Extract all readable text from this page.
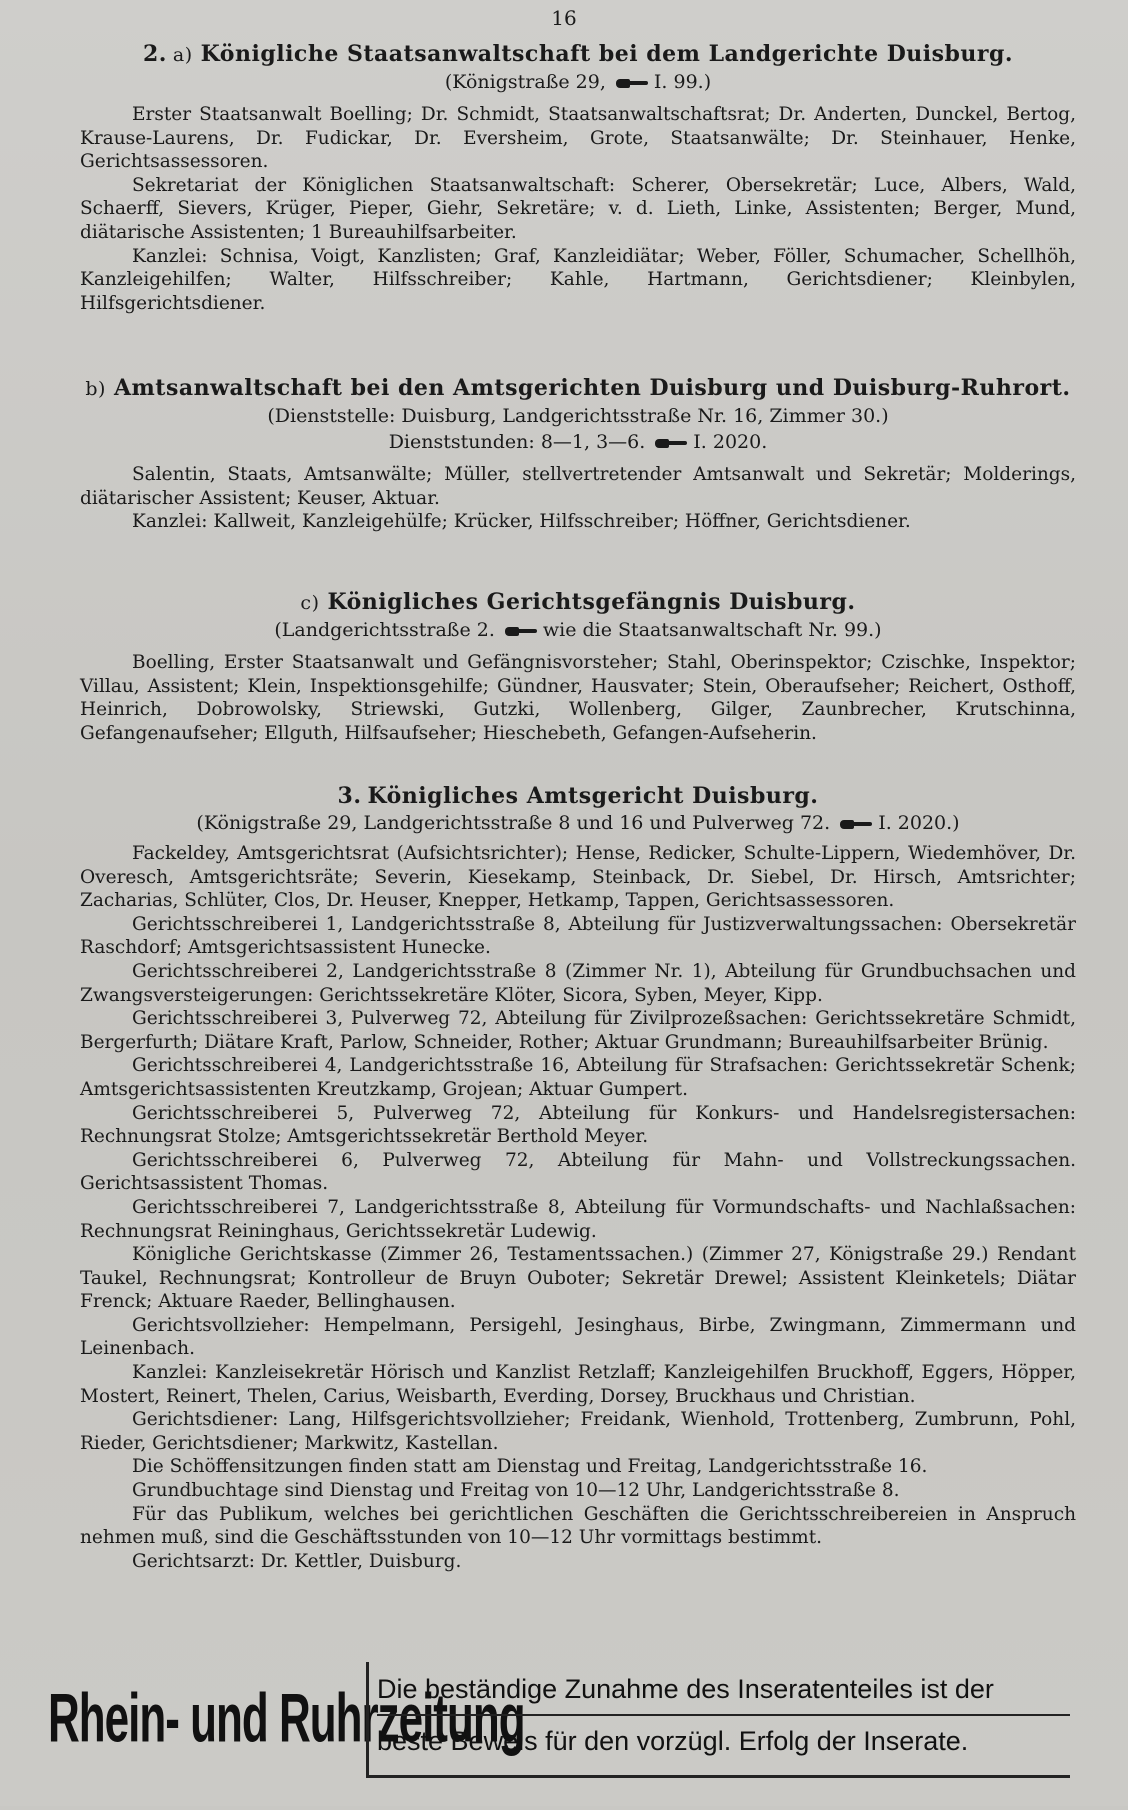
16
2. a) Königliche Staatsanwaltschaft bei dem Landgerichte Duisburg.
(Königstraße 29,	I. 99.)

Erster Staatsanwalt Boelling; Dr. Schmidt, Staatsanwaltschaftsrat; Dr. Anderten, Dunckel, Bertog, Krause-Laurens, Dr. Fudickar, Dr. Eversheim, Grote, Staatsanwälte; Dr. Steinhauer, Henke, Gerichtsassessoren.

Sekretariat der Königlichen Staatsanwaltschaft: Scherer, Obersekretär; Luce, Albers, Wald, Schaerff, Sievers, Krüger, Pieper, Giehr, Sekretäre; v. d. Lieth, Linke, Assistenten; Berger, Mund, diätarische Assistenten; 1 Bureauhilfsarbeiter.

Kanzlei: Schnisa, Voigt, Kanzlisten; Graf, Kanzleidiätar; Weber, Föller, Schumacher, Schellhöh, Kanzleigehilfen; Walter, Hilfsschreiber; Kahle, Hartmann, Gerichtsdiener; Kleinbylen, Hilfsgerichtsdiener.

b) Amtsanwaltschaft bei den Amtsgerichten Duisburg und Duisburg-Ruhrort.
(Dienststelle: Duisburg, Landgerichtsstraße Nr. 16, Zimmer 30.)
Dienststunden: 8—1, 3—6.	I. 2020.

Salentin, Staats, Amtsanwälte; Müller, stellvertretender Amtsanwalt und Sekretär; Molderings, diätarischer Assistent; Keuser, Aktuar.

Kanzlei: Kallweit, Kanzleigehülfe; Krücker, Hilfsschreiber; Höffner, Gerichtsdiener.

c) Königliches Gerichtsgefängnis Duisburg.
(Landgerichtsstraße 2.	wie die Staatsanwaltschaft Nr. 99.)

Boelling, Erster Staatsanwalt und Gefängnisvorsteher; Stahl, Oberinspektor; Czischke, Inspektor; Villau, Assistent; Klein, Inspektionsgehilfe; Gündner, Hausvater; Stein, Oberaufseher; Reichert, Osthoff, Heinrich, Dobrowolsky, Striewski, Gutzki, Wollenberg, Gilger, Zaunbrecher, Krutschinna, Gefangenaufseher; Ellguth, Hilfsaufseher; Hieschebeth, Gefangen-Aufseherin.

3. Königliches Amtsgericht Duisburg.
(Königstraße 29, Landgerichtsstraße 8 und 16 und Pulverweg 72.	I. 2020.)

Fackeldey, Amtsgerichtsrat (Aufsichtsrichter); Hense, Redicker, Schulte-Lippern, Wiedemhöver, Dr. Overesch, Amtsgerichtsräte; Severin, Kiesekamp, Steinback, Dr. Siebel, Dr. Hirsch, Amtsrichter; Zacharias, Schlüter, Clos, Dr. Heuser, Knepper, Hetkamp, Tappen, Gerichtsassessoren.

Gerichtsschreiberei 1, Landgerichtsstraße 8, Abteilung für Justizverwaltungssachen: Obersekretär Raschdorf; Amtsgerichtsassistent Hunecke.

Gerichtsschreiberei 2, Landgerichtsstraße 8 (Zimmer Nr. 1), Abteilung für Grundbuchsachen und Zwangsversteigerungen: Gerichtssekretäre Klöter, Sicora, Syben, Meyer, Kipp.

Gerichtsschreiberei 3, Pulverweg 72, Abteilung für Zivilprozeßsachen: Gerichtssekretäre Schmidt, Bergerfurth; Diätare Kraft, Parlow, Schneider, Rother; Aktuar Grundmann; Bureauhilfsarbeiter Brünig.

Gerichtsschreiberei 4, Landgerichtsstraße 16, Abteilung für Strafsachen: Gerichtssekretär Schenk; Amtsgerichtsassistenten Kreutzkamp, Grojean; Aktuar Gumpert.

Gerichtsschreiberei 5, Pulverweg 72, Abteilung für Konkurs- und Handelsregistersachen: Rechnungsrat Stolze; Amtsgerichtssekretär Berthold Meyer.

Gerichtsschreiberei 6, Pulverweg 72, Abteilung für Mahn- und Vollstreckungssachen. Gerichtsassistent Thomas.

Gerichtsschreiberei 7, Landgerichtsstraße 8, Abteilung für Vormundschafts- und Nachlaßsachen: Rechnungsrat Reininghaus, Gerichtssekretär Ludewig.

Königliche Gerichtskasse (Zimmer 26, Testamentssachen.) (Zimmer 27, Königstraße 29.) Rendant Taukel, Rechnungsrat; Kontrolleur de Bruyn Ouboter; Sekretär Drewel; Assistent Kleinketels; Diätar Frenck; Aktuare Raeder, Bellinghausen.

Gerichtsvollzieher: Hempelmann, Persigehl, Jesinghaus, Birbe, Zwingmann, Zimmermann und Leinenbach.

Kanzlei: Kanzleisekretär Hörisch und Kanzlist Retzlaff; Kanzleigehilfen Bruckhoff, Eggers, Höpper, Mostert, Reinert, Thelen, Carius, Weisbarth, Everding, Dorsey, Bruckhaus und Christian.

Gerichtsdiener: Lang, Hilfsgerichtsvollzieher; Freidank, Wienhold, Trottenberg, Zumbrunn, Pohl, Rieder, Gerichtsdiener; Markwitz, Kastellan.

Die Schöffensitzungen finden statt am Dienstag und Freitag, Landgerichtsstraße 16.

Grundbuchtage sind Dienstag und Freitag von 10—12 Uhr, Landgerichtsstraße 8.

Für das Publikum, welches bei gerichtlichen Geschäften die Gerichtsschreibereien in Anspruch nehmen muß, sind die Geschäftsstunden von 10—12 Uhr vormittags bestimmt.

Gerichtsarzt: Dr. Kettler, Duisburg.

Rhein- und Ruhrzeitung
Die beständige Zunahme des Inseratenteiles ist der
beste Beweis für den vorzügl. Erfolg der Inserate.
